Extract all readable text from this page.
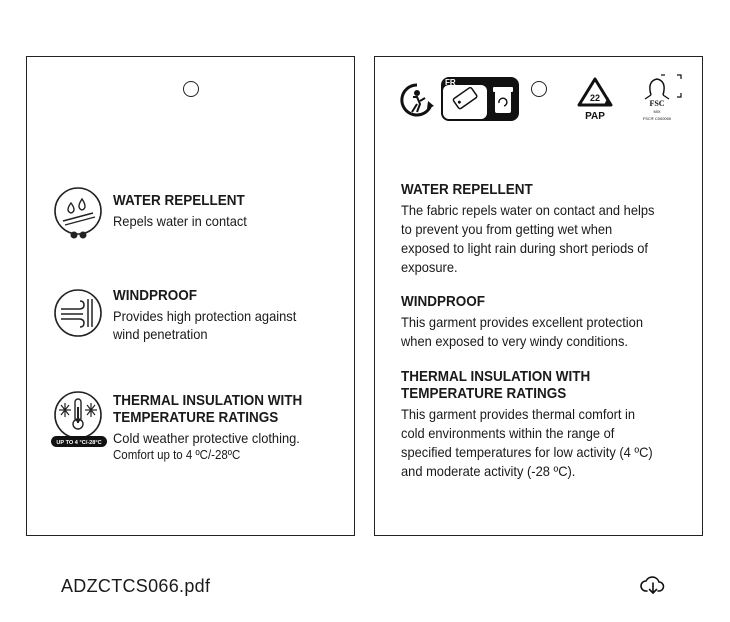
WATER REPELLENT
Repels water in contact
WINDPROOF
Provides high protection against
wind penetration
UP TO 4 °C/-28°C
THERMAL INSULATION WITH
TEMPERATURE RATINGS
Cold weather protective clothing.
Comfort up to 4 ºC/-28ºC
FR
22
PAP
FSC
MIX
FSC® C000000
WATER REPELLENT
The fabric repels water on contact and helps
to prevent you from getting wet when
exposed to light rain during short periods of
exposure.
WINDPROOF
This garment provides excellent protection
when exposed to very windy conditions.
THERMAL INSULATION WITH
TEMPERATURE RATINGS
This garment provides thermal comfort in
cold environments within the range of
specified temperatures for low activity (4 ºC)
and moderate activity (-28 ºC).
ADZCTCS066.pdf
